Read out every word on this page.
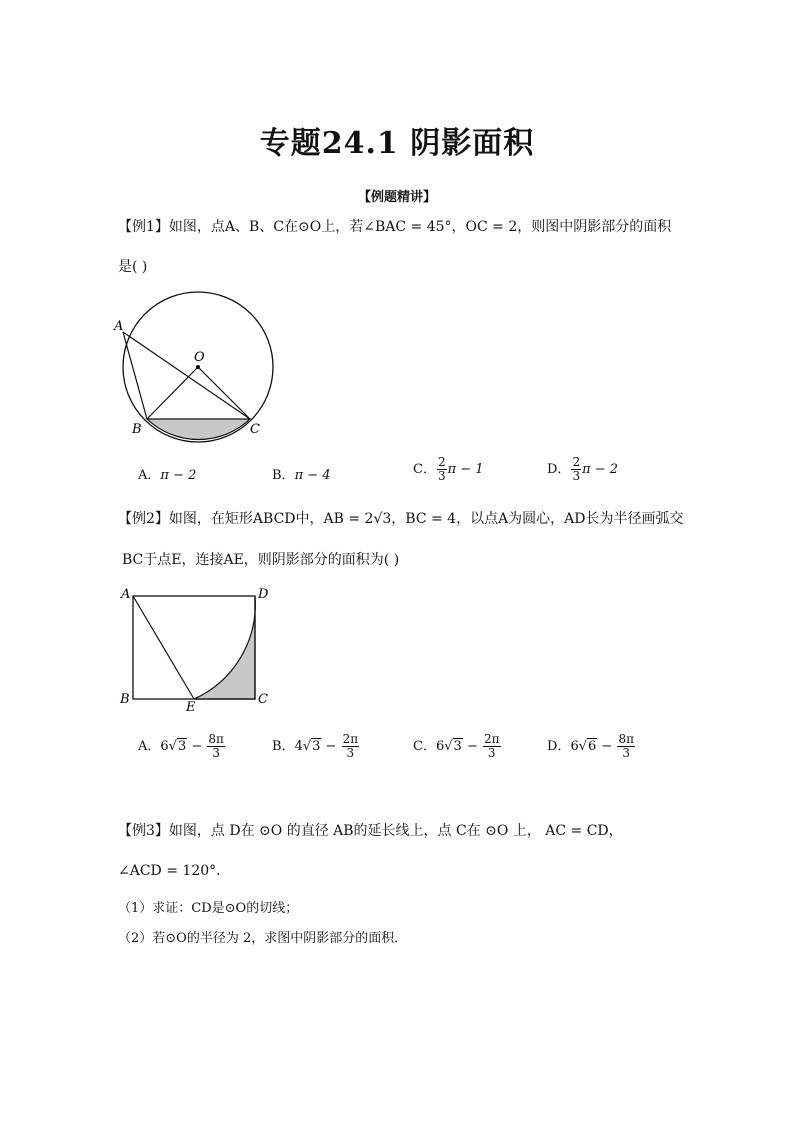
专题24.1 阴影面积
【例题精讲】
【例1】如图，点A、B、C在⊙O上，若∠BAC = 45°，OC = 2，则图中阴影部分的面积
是( )
A
O
B	C
A．π − 2	B．π − 4	C． $\frac{2}{3}$ π − 1	D． $\frac{2}{3}$ π − 2
【例2】如图，在矩形ABCD中，AB = 2√3，BC = 4，以点A为圆心，AD长为半径画弧交
BC于点E，连接AE，则阴影部分的面积为( )
A	D
B	C
E
A．$6√3 - \frac{8\pi}{3}$	B．$4√3 - \frac{2\pi}{3}$	C．$6√3 - \frac{2\pi}{3}$	D．$6√6 - \frac{8\pi}{3}$
【例3】如图，点 D在 ⊙O 的直径 AB的延长线上，点 C在 ⊙O 上， AC = CD，
∠ACD = 120°．
（1）求证：CD是⊙O的切线；
（2）若⊙O的半径为 2，求图中阴影部分的面积．
